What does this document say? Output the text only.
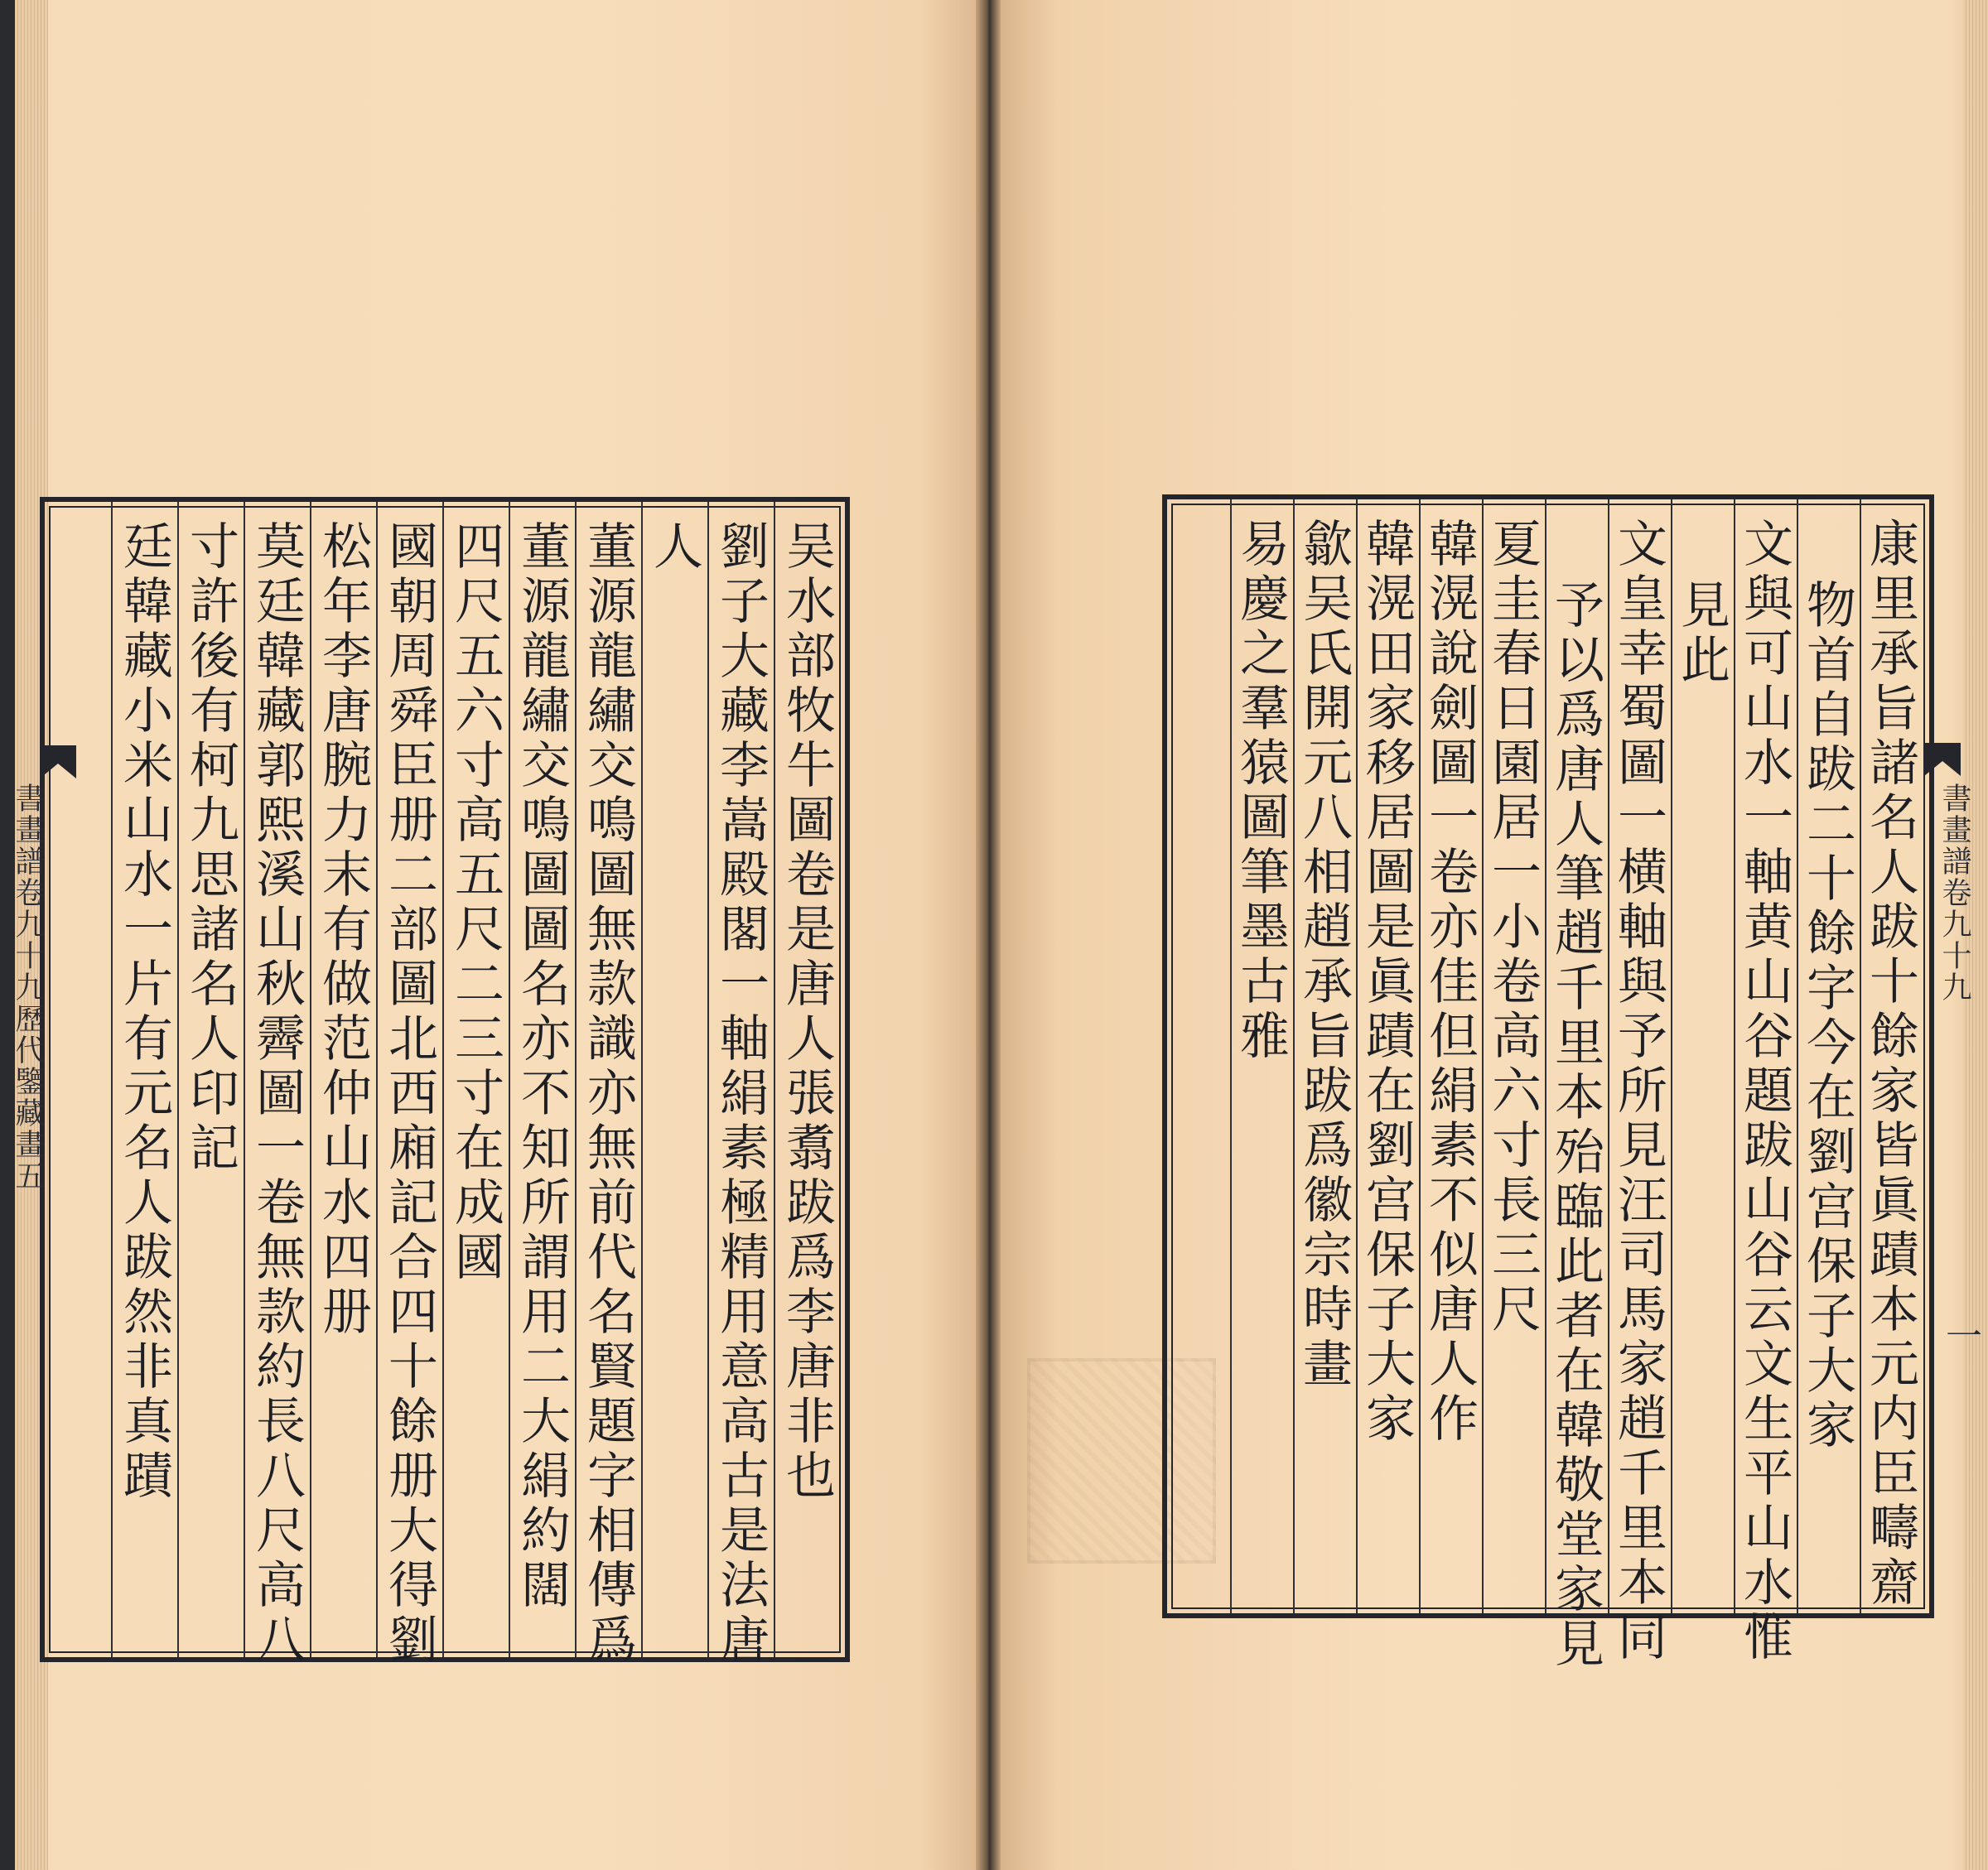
吴水部牧牛圖卷是唐人張翥跋爲李唐非也
劉子大藏李嵩殿閣一軸絹素極精用意高古是法唐
人
董源龍繡交鳴圖無款識亦無前代名賢題字相傳爲
董源龍繡交鳴圖圖名亦不知所謂用二大絹約闊
四尺五六寸高五尺二三寸在成國
國朝周舜臣册二部圖北西廂記合四十餘册大得劉
松年李唐腕力末有做范仲山水四册
莫廷韓藏郭熙溪山秋霽圖一卷無款約長八尺高八
寸許後有柯九思諸名人印記
廷韓藏小米山水一片有元名人跋然非真蹟
書畫譜卷九十九歷代鑒藏畫五	康里承旨諸名人跋十餘家皆眞蹟本元内臣疇齋
物首自跋二十餘字今在劉宫保子大家
文與可山水一軸黄山谷題跋山谷云文生平山水惟
見此
文皇幸蜀圖一横軸與予所見汪司馬家趙千里本同
予以爲唐人筆趙千里本殆臨此者在韓敬堂家見
夏圭春日園居一小卷高六寸長三尺
韓滉說劍圖一卷亦佳但絹素不似唐人作
韓滉田家移居圖是眞蹟在劉宫保子大家
歙吴氏開元八相趙承旨跋爲徽宗時畫
易慶之羣猿圖筆墨古雅	書畫譜卷九十九
一
